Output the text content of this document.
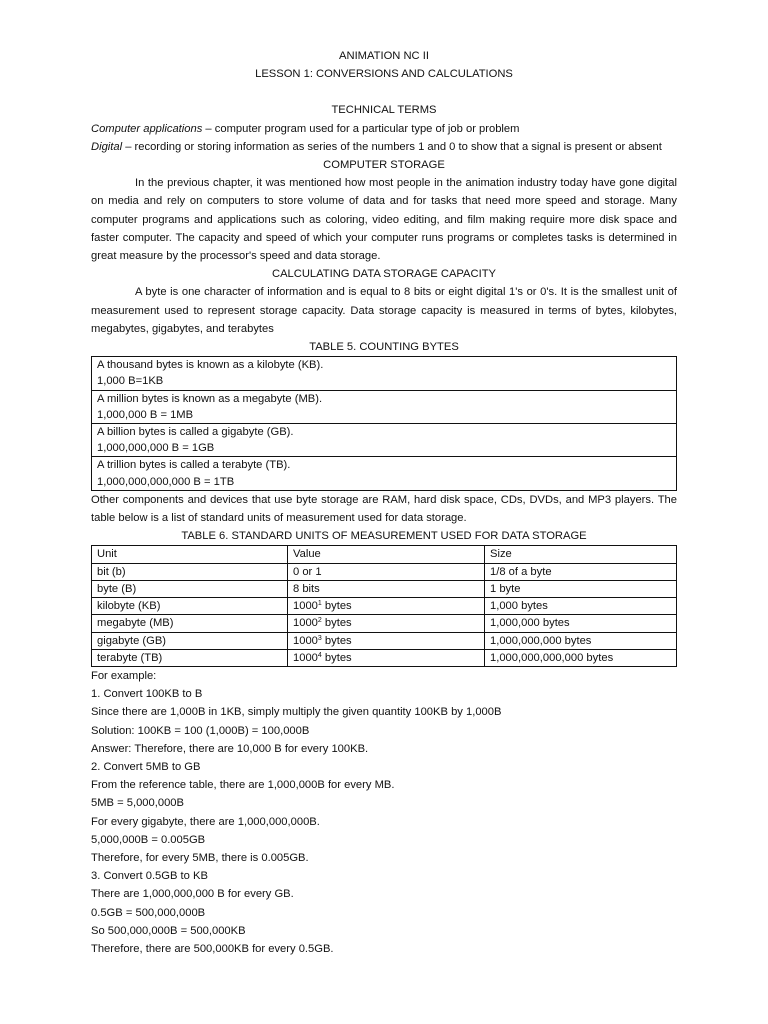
ANIMATION NC II

LESSON 1: CONVERSIONS AND CALCULATIONS

TECHNICAL TERMS

Computer applications – computer program used for a particular type of job or problem

Digital – recording or storing information as series of the numbers 1 and 0 to show that a signal is present or absent

COMPUTER STORAGE

In the previous chapter, it was mentioned how most people in the animation industry today have gone digital on media and rely on computers to store volume of data and for tasks that need more speed and storage. Many computer programs and applications such as coloring, video editing, and film making require more disk space and faster computer. The capacity and speed of which your computer runs programs or completes tasks is determined in great measure by the processor's speed and data storage.

CALCULATING DATA STORAGE CAPACITY

A byte is one character of information and is equal to 8 bits or eight digital 1's or 0's. It is the smallest unit of measurement used to represent storage capacity. Data storage capacity is measured in terms of bytes, kilobytes, megabytes, gigabytes, and terabytes

TABLE 5. COUNTING BYTES

A thousand bytes is known as a kilobyte (KB).
1,000 B=1KB

A million bytes is known as a megabyte (MB).
1,000,000 B = 1MB

A billion bytes is called a gigabyte (GB).
1,000,000,000 B = 1GB

A trillion bytes is called a terabyte (TB).
1,000,000,000,000 B = 1TB

Other components and devices that use byte storage are RAM, hard disk space, CDs, DVDs, and MP3 players. The table below is a list of standard units of measurement used for data storage.

TABLE 6. STANDARD UNITS OF MEASUREMENT USED FOR DATA STORAGE

Unit	Value	Size
bit (b)	0 or 1	1/8 of a byte
byte (B)	8 bits	1 byte
kilobyte (KB)	1000$^1$ bytes	1,000 bytes
megabyte (MB)	1000$^2$ bytes	1,000,000 bytes
gigabyte (GB)	1000$^3$ bytes	1,000,000,000 bytes
terabyte (TB)	1000$^4$ bytes	1,000,000,000,000 bytes

For example:

1. Convert 100KB to B

Since there are 1,000B in 1KB, simply multiply the given quantity 100KB by 1,000B

Solution: 100KB = 100 (1,000B) = 100,000B

Answer: Therefore, there are 10,000 B for every 100KB.

2. Convert 5MB to GB

From the reference table, there are 1,000,000B for every MB.

5MB = 5,000,000B

For every gigabyte, there are 1,000,000,000B.

5,000,000B = 0.005GB

Therefore, for every 5MB, there is 0.005GB.

3. Convert 0.5GB to KB

There are 1,000,000,000 B for every GB.

0.5GB = 500,000,000B

So 500,000,000B = 500,000KB

Therefore, there are 500,000KB for every 0.5GB.
